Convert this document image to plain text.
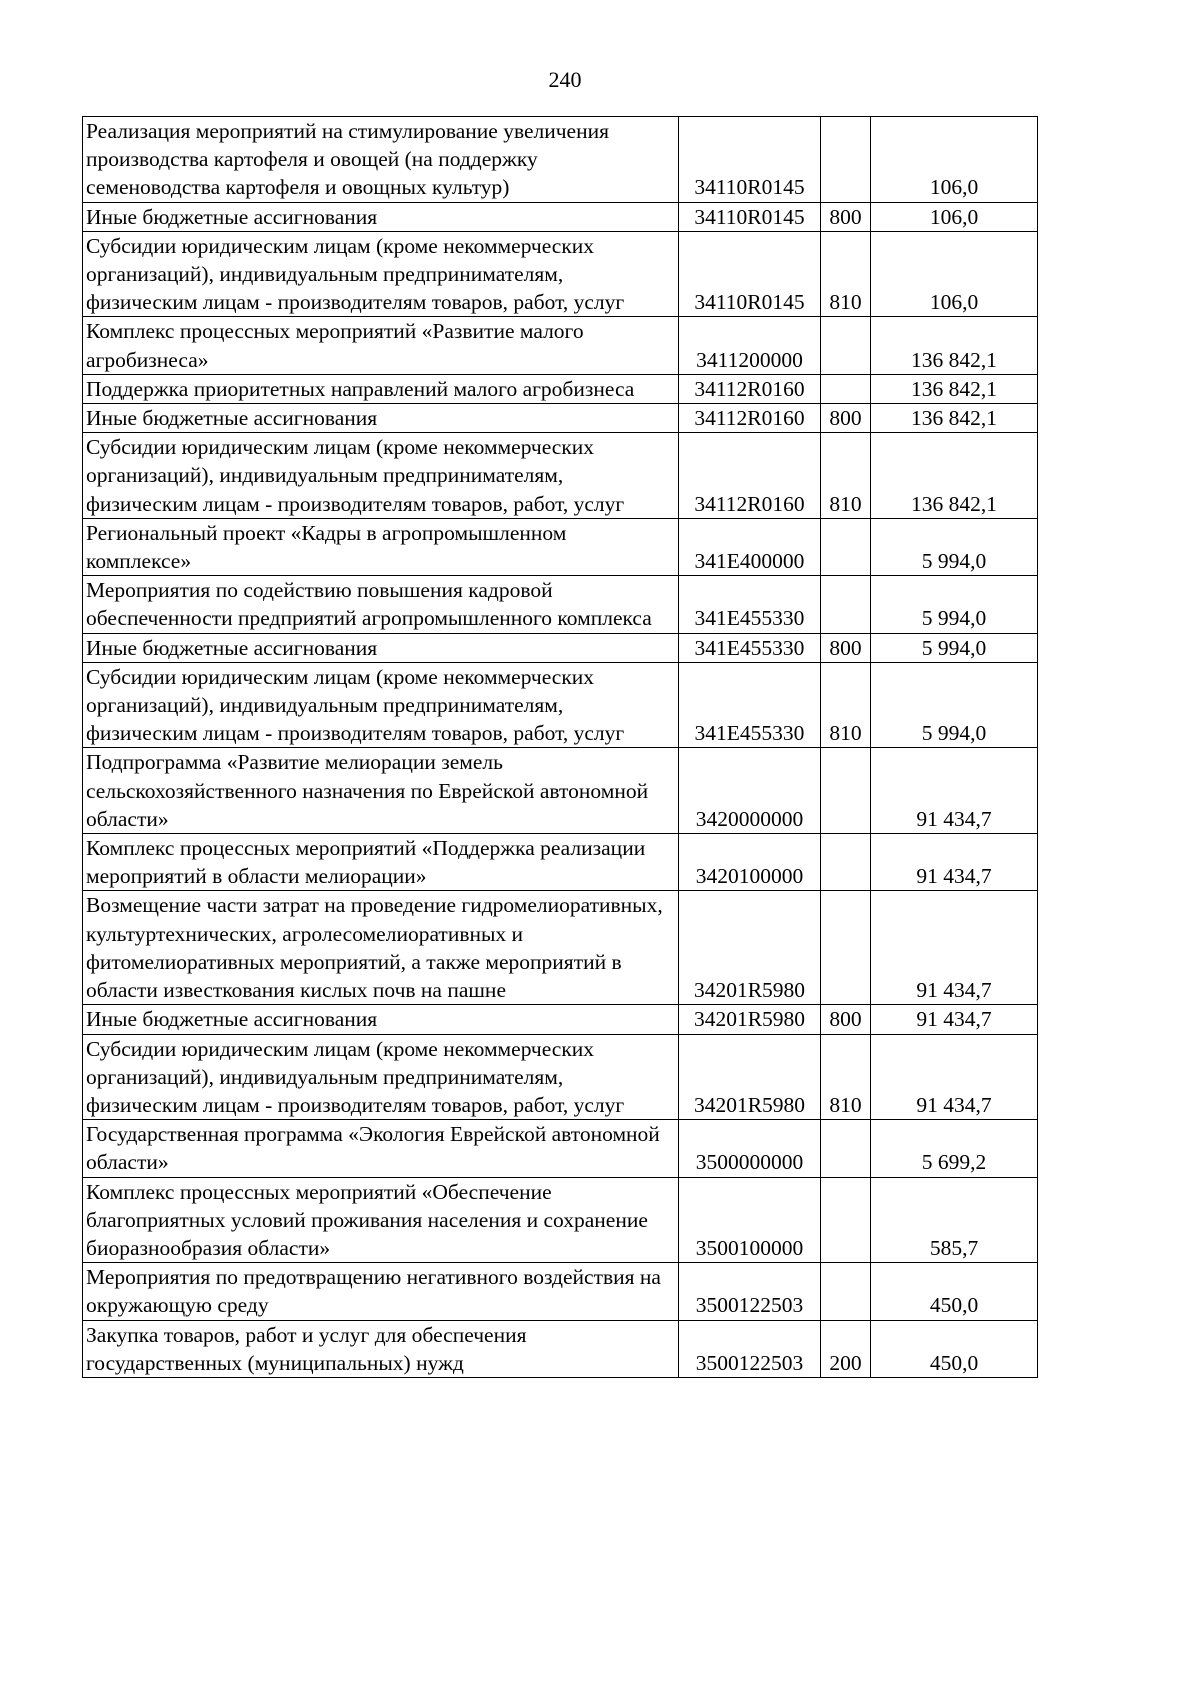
240
Реализация мероприятий на стимулирование увеличения производства картофеля и овощей (на поддержку семеноводства картофеля и овощных культур)	34110R0145		106,0
Иные бюджетные ассигнования	34110R0145	800	106,0
Субсидии юридическим лицам (кроме некоммерческих организаций), индивидуальным предпринимателям, физическим лицам - производителям товаров, работ, услуг	34110R0145	810	106,0
Комплекс процессных мероприятий «Развитие малого агробизнеса»	3411200000		136 842,1
Поддержка приоритетных направлений малого агробизнеса	34112R0160		136 842,1
Иные бюджетные ассигнования	34112R0160	800	136 842,1
Субсидии юридическим лицам (кроме некоммерческих организаций), индивидуальным предпринимателям, физическим лицам - производителям товаров, работ, услуг	34112R0160	810	136 842,1
Региональный проект «Кадры в агропромышленном комплексе»	341E400000		5 994,0
Мероприятия по содействию повышения кадровой обеспеченности предприятий агропромышленного комплекса	341E455330		5 994,0
Иные бюджетные ассигнования	341E455330	800	5 994,0
Субсидии юридическим лицам (кроме некоммерческих организаций), индивидуальным предпринимателям, физическим лицам - производителям товаров, работ, услуг	341E455330	810	5 994,0
Подпрограмма «Развитие мелиорации земель сельскохозяйственного назначения по Еврейской автономной области»	3420000000		91 434,7
Комплекс процессных мероприятий «Поддержка реализации мероприятий в области мелиорации»	3420100000		91 434,7
Возмещение части затрат на проведение гидромелиоративных, культуртехнических, агролесомелиоративных и фитомелиоративных мероприятий, а также мероприятий в области известкования кислых почв на пашне	34201R5980		91 434,7
Иные бюджетные ассигнования	34201R5980	800	91 434,7
Субсидии юридическим лицам (кроме некоммерческих организаций), индивидуальным предпринимателям, физическим лицам - производителям товаров, работ, услуг	34201R5980	810	91 434,7
Государственная программа «Экология Еврейской автономной области»	3500000000		5 699,2
Комплекс процессных мероприятий «Обеспечение благоприятных условий проживания населения и сохранение биоразнообразия области»	3500100000		585,7
Мероприятия по предотвращению негативного воздействия на окружающую среду	3500122503		450,0
Закупка товаров, работ и услуг для обеспечения государственных (муниципальных) нужд	3500122503	200	450,0
